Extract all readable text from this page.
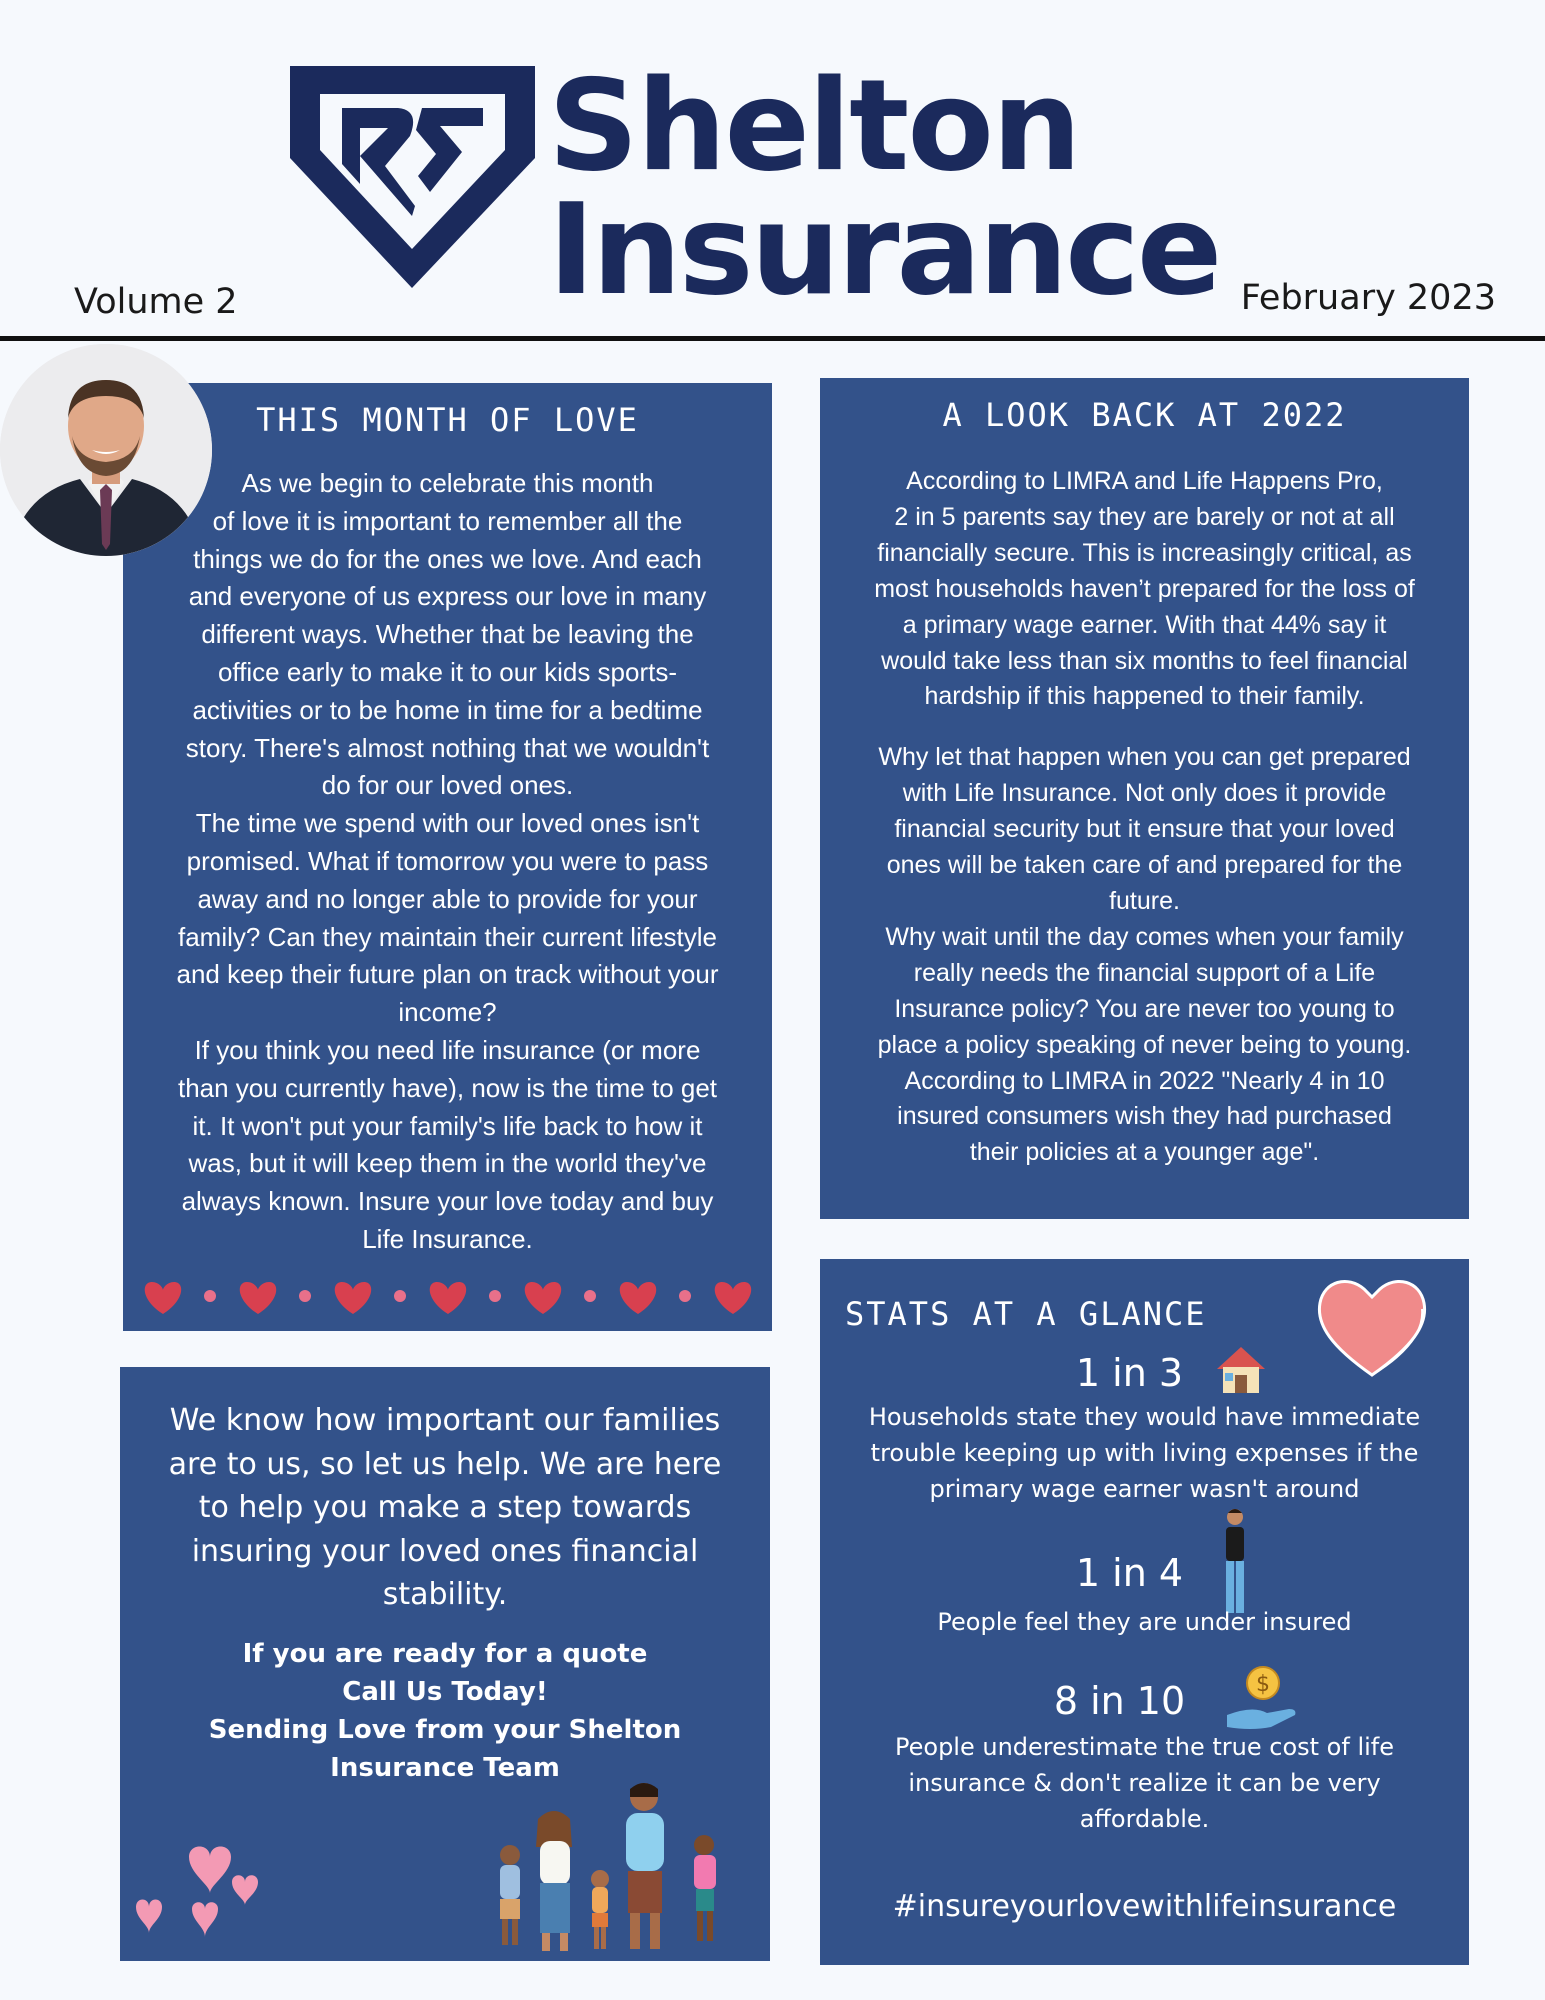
Shelton
Insurance
Volume 2	February 2023
THIS MONTH OF LOVE
As we begin to celebrate this month
of love it is important to remember all the
things we do for the ones we love. And each
and everyone of us express our love in many
different ways. Whether that be leaving the
office early to make it to our kids sports-
activities or to be home in time for a bedtime
story. There's almost nothing that we wouldn't
do for our loved ones.
The time we spend with our loved ones isn't
promised. What if tomorrow you were to pass
away and no longer able to provide for your
family? Can they maintain their current lifestyle
and keep their future plan on track without your
income?
If you think you need life insurance (or more
than you currently have), now is the time to get
it. It won't put your family's life back to how it
was, but it will keep them in the world they've
always known. Insure your love today and buy
Life Insurance.
A LOOK BACK AT 2022
According to LIMRA and Life Happens Pro,
2 in 5 parents say they are barely or not at all
financially secure. This is increasingly critical, as
most households haven’t prepared for the loss of
a primary wage earner. With that 44% say it
would take less than six months to feel financial
hardship if this happened to their family.
Why let that happen when you can get prepared
with Life Insurance. Not only does it provide
financial security but it ensure that your loved
ones will be taken care of and prepared for the
future.
Why wait until the day comes when your family
really needs the financial support of a Life
Insurance policy? You are never too young to
place a policy speaking of never being to young.
According to LIMRA in 2022 "Nearly 4 in 10
insured consumers wish they had purchased
their policies at a younger age".
We know how important our families
are to us, so let us help. We are here
to help you make a step towards
insuring your loved ones financial
stability.
If you are ready for a quote
Call Us Today!
Sending Love from your Shelton
Insurance Team
STATS AT A GLANCE
1 in 3
Households state they would have immediate
trouble keeping up with living expenses if the
primary wage earner wasn't around
1 in 4
People feel they are under insured
8 in 10	$
People underestimate the true cost of life
insurance & don't realize it can be very
affordable.
#insureyourlovewithlifeinsurance
